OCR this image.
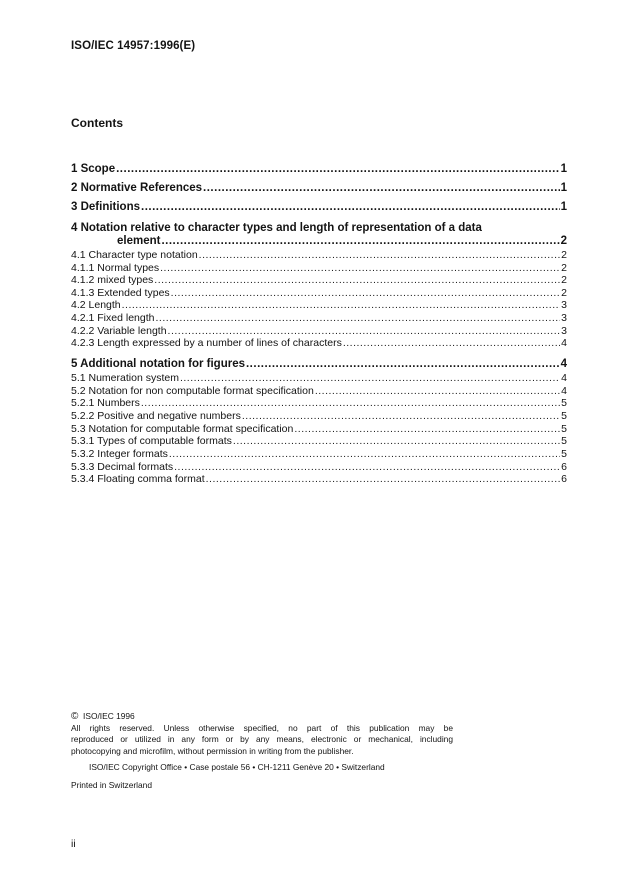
ISO/IEC 14957:1996(E)
Contents
1 Scope .....	1
2 Normative References .....	1
3 Definitions .....	1
4 Notation relative to character types and length of representation of a data
element .....	2
4.1 Character type notation .....	2
4.1.1 Normal types .....	2
4.1.2 mixed types .....	2
4.1.3 Extended types .....	2
4.2 Length .....	3
4.2.1 Fixed length .....	3
4.2.2 Variable length .....	3
4.2.3 Length expressed by a number of lines of characters .....	4
5 Additional notation for figures .....	4
5.1 Numeration system .....	4
5.2 Notation for non computable format specification .....	4
5.2.1 Numbers .....	5
5.2.2 Positive and negative numbers .....	5
5.3 Notation for computable format specification .....	5
5.3.1 Types of computable formats .....	5
5.3.2 Integer formats .....	5
5.3.3 Decimal formats .....	6
5.3.4 Floating comma format .....	6
© ISO/IEC 1996
All rights reserved. Unless otherwise specified, no part of this publication may be
reproduced or utilized in any form or by any means, electronic or mechanical, including
photocopying and microfilm, without permission in writing from the publisher.
ISO/IEC Copyright Office • Case postale 56 • CH-1211 Genève 20 • Switzerland
Printed in Switzerland
ii
